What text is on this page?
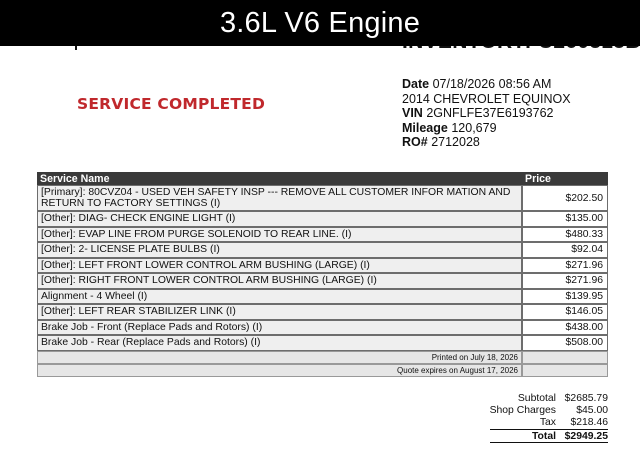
3.6L V6 Engine
SERVICE COMPLETED
Date 07/18/2026 08:56 AM
2014 CHEVROLET EQUINOX
VIN 2GNFLFE37E6193762
Mileage 120,679
RO# 2712028
Service Name	Price
[Primary]: 80CVZ04 - USED VEH SAFETY INSP --- REMOVE ALL CUSTOMER INFOR MATION AND RETURN TO FACTORY SETTINGS (I)	$202.50
[Other]: DIAG- CHECK ENGINE LIGHT (I)	$135.00
[Other]: EVAP LINE FROM PURGE SOLENOID TO REAR LINE. (I)	$480.33
[Other]: 2- LICENSE PLATE BULBS (I)	$92.04
[Other]: LEFT FRONT LOWER CONTROL ARM BUSHING (LARGE) (I)	$271.96
[Other]: RIGHT FRONT LOWER CONTROL ARM BUSHING (LARGE) (I)	$271.96
Alignment - 4 Wheel (I)	$139.95
[Other]: LEFT REAR STABILIZER LINK (I)	$146.05
Brake Job - Front (Replace Pads and Rotors) (I)	$438.00
Brake Job - Rear (Replace Pads and Rotors) (I)	$508.00
Printed on July 18, 2026	
Quote expires on August 17, 2026	
Subtotal $2685.79
Shop Charges	$45.00
Tax	$218.46
Total $2949.25
